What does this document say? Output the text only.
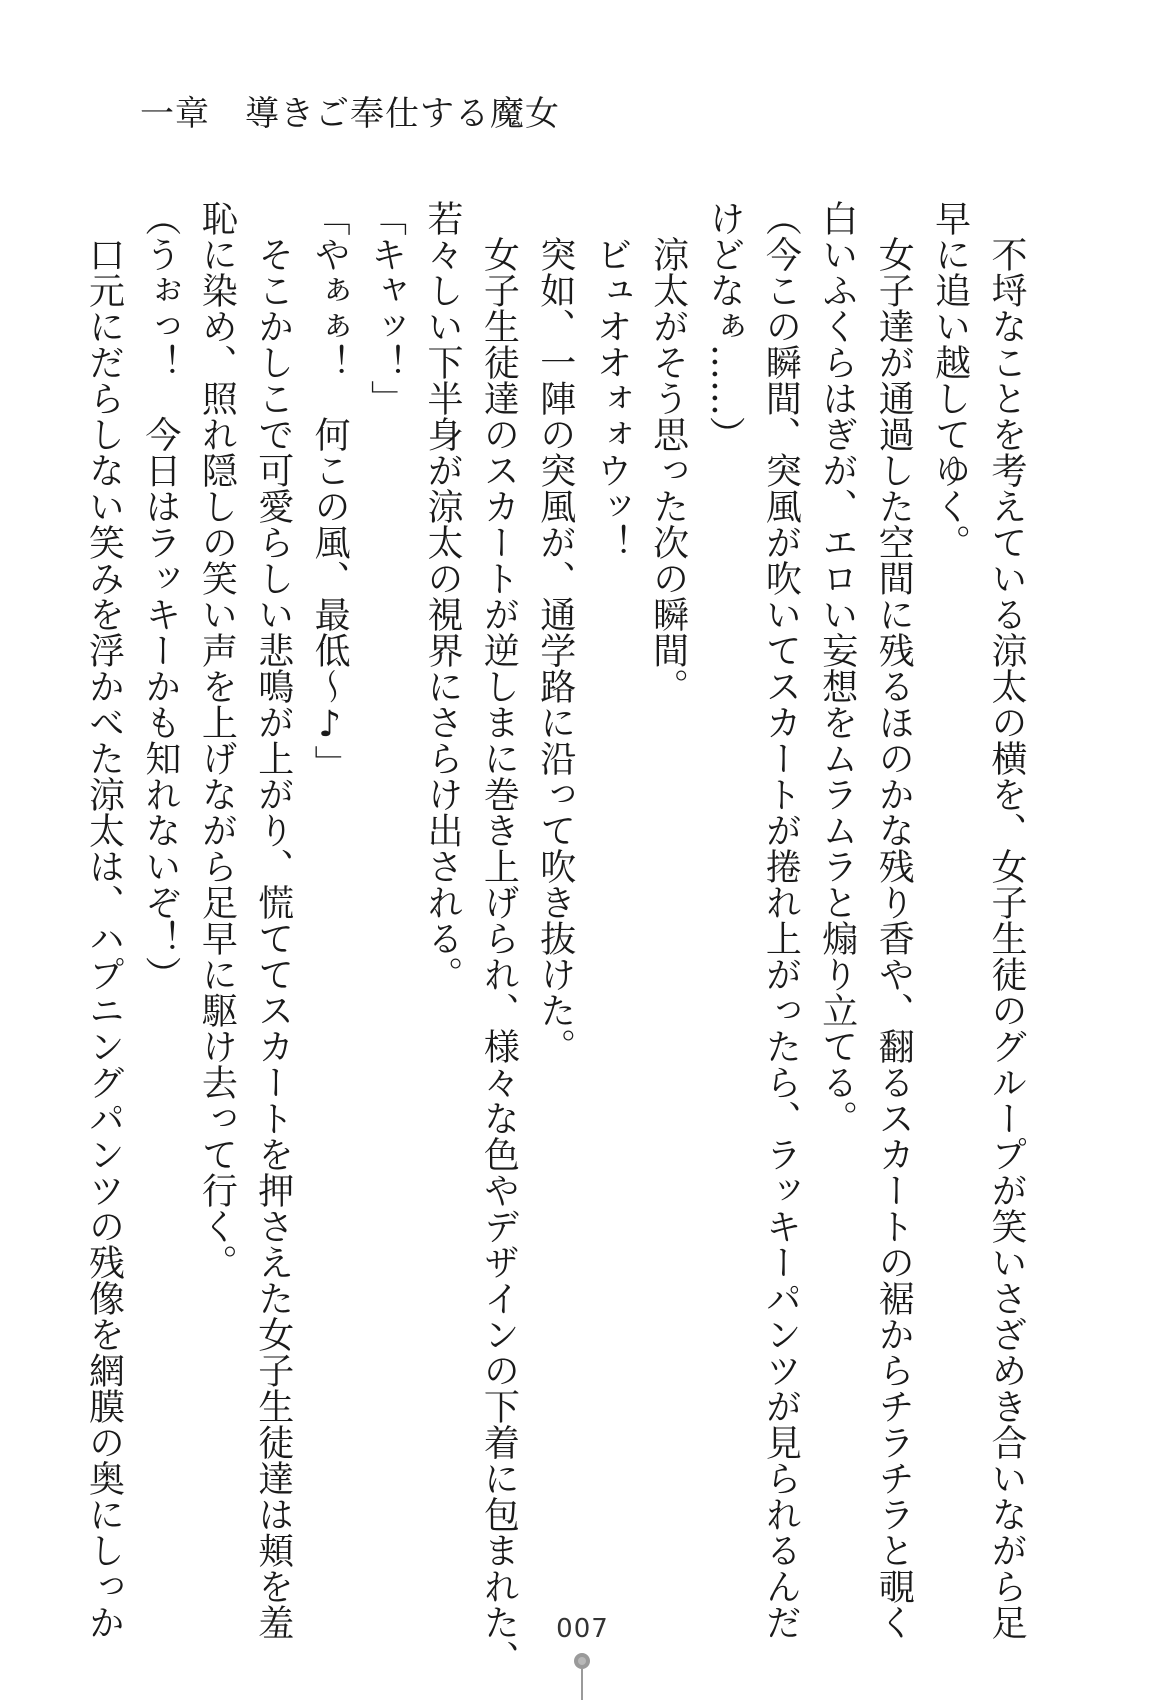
一章　導きご奉仕する魔女

　不埒なことを考えている涼太の横を、女子生徒のグループが笑いさざめき合いながら足

早に追い越してゆく。

　女子達が通過した空間に残るほのかな残り香や、翻るスカートの裾からチラチラと覗く

白いふくらはぎが、エロい妄想をムラムラと煽り立てる。

（今この瞬間、突風が吹いてスカートが捲れ上がったら、ラッキーパンツが見られるんだ

けどなぁ……）

　涼太がそう思った次の瞬間。

　ビュオオォォウッ！

　突如、一陣の突風が、通学路に沿って吹き抜けた。

　女子生徒達のスカートが逆しまに巻き上げられ、様々な色やデザインの下着に包まれた、

若々しい下半身が涼太の視界にさらけ出される。

「キャッ！」

「やぁぁ！　何この風、最低～♪」

　そこかしこで可愛らしい悲鳴が上がり、慌ててスカートを押さえた女子生徒達は頬を羞

恥に染め、照れ隠しの笑い声を上げながら足早に駆け去って行く。

（うぉっ！　今日はラッキーかも知れないぞ！）

　口元にだらしない笑みを浮かべた涼太は、ハプニングパンツの残像を網膜の奥にしっか	007
